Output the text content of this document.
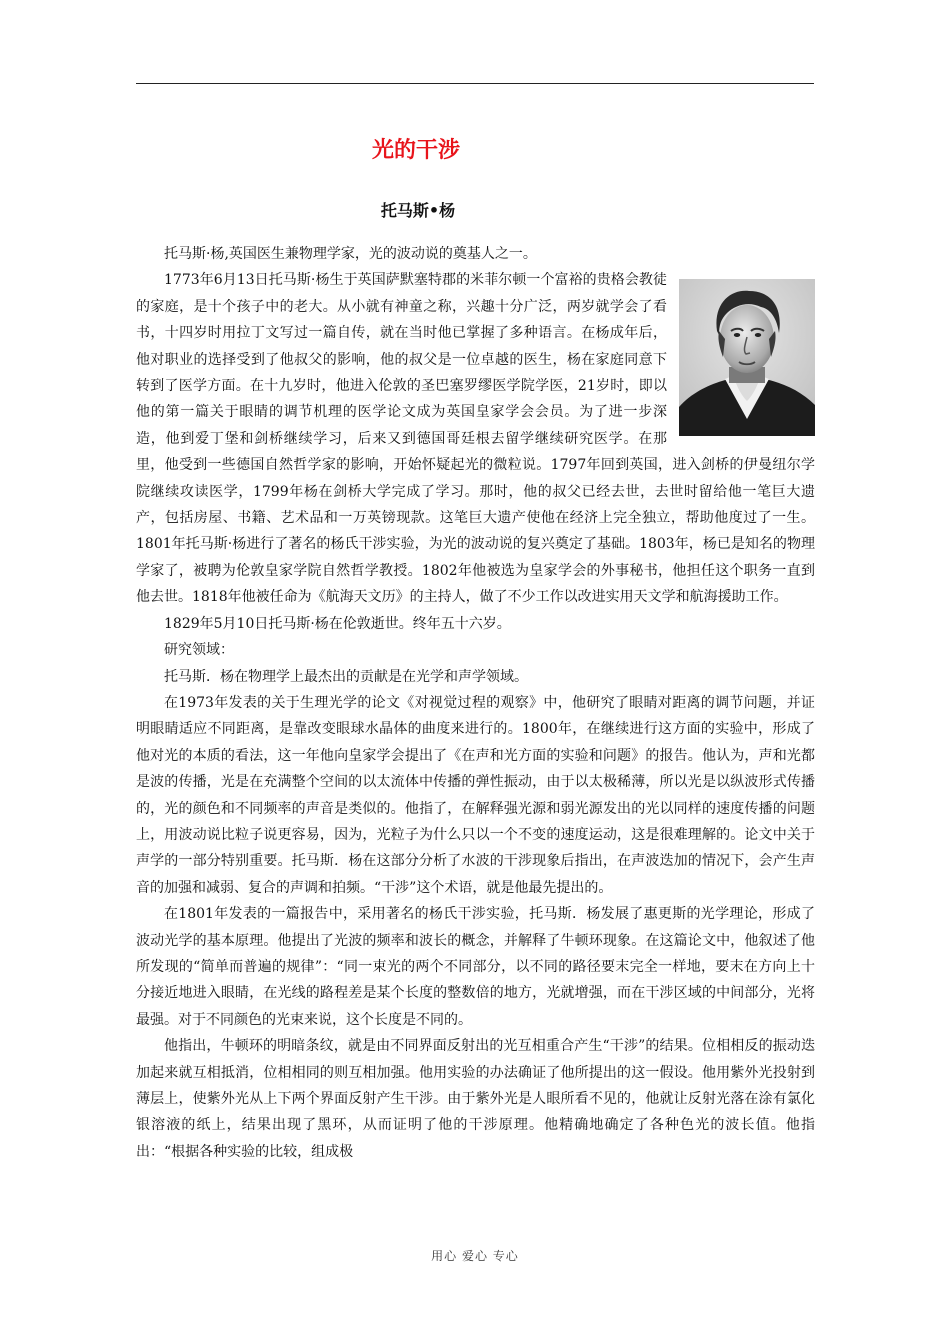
光的干涉
托马斯•杨

托马斯·杨,英国医生兼物理学家，光的波动说的奠基人之一。

1773年6月13日托马斯·杨生于英国萨默塞特郡的米菲尔顿一个富裕的贵格会教徒的家庭，是十个孩子中的老大。从小就有神童之称，兴趣十分广泛，两岁就学会了看书，十四岁时用拉丁文写过一篇自传，就在当时他已掌握了多种语言。在杨成年后，他对职业的选择受到了他叔父的影响，他的叔父是一位卓越的医生，杨在家庭同意下转到了医学方面。在十九岁时，他进入伦敦的圣巴塞罗缪医学院学医，21岁时，即以他的第一篇关于眼睛的调节机理的医学论文成为英国皇家学会会员。为了进一步深造，他到爱丁堡和剑桥继续学习，后来又到德国哥廷根去留学继续研究医学。在那里，他受到一些德国自然哲学家的影响，开始怀疑起光的微粒说。1797年回到英国，进入剑桥的伊曼纽尔学院继续攻读医学，1799年杨在剑桥大学完成了学习。那时，他的叔父已经去世，去世时留给他一笔巨大遗产，包括房屋、书籍、艺术品和一万英镑现款。这笔巨大遗产使他在经济上完全独立，帮助他度过了一生。1801年托马斯·杨进行了著名的杨氏干涉实验，为光的波动说的复兴奠定了基础。1803年，杨已是知名的物理学家了，被聘为伦敦皇家学院自然哲学教授。1802年他被选为皇家学会的外事秘书，他担任这个职务一直到他去世。1818年他被任命为《航海天文历》的主持人，做了不少工作以改进实用天文学和航海援助工作。

1829年5月10日托马斯·杨在伦敦逝世。终年五十六岁。

研究领域：

托马斯．杨在物理学上最杰出的贡献是在光学和声学领域。

在1973年发表的关于生理光学的论文《对视觉过程的观察》中，他研究了眼睛对距离的调节问题，并证明眼睛适应不同距离，是靠改变眼球水晶体的曲度来进行的。1800年，在继续进行这方面的实验中，形成了他对光的本质的看法，这一年他向皇家学会提出了《在声和光方面的实验和问题》的报告。他认为，声和光都是波的传播，光是在充满整个空间的以太流体中传播的弹性振动，由于以太极稀薄，所以光是以纵波形式传播的，光的颜色和不同频率的声音是类似的。他指了，在解释强光源和弱光源发出的光以同样的速度传播的问题上，用波动说比粒子说更容易，因为，光粒子为什么只以一个不变的速度运动，这是很难理解的。论文中关于声学的一部分特别重要。托马斯．杨在这部分分析了水波的干涉现象后指出，在声波迭加的情况下，会产生声音的加强和减弱、复合的声调和拍频。“干涉”这个术语，就是他最先提出的。

在1801年发表的一篇报告中，采用著名的杨氏干涉实验，托马斯．杨发展了惠更斯的光学理论，形成了波动光学的基本原理。他提出了光波的频率和波长的概念，并解释了牛顿环现象。在这篇论文中，他叙述了他所发现的“简单而普遍的规律”：“同一束光的两个不同部分，以不同的路径要末完全一样地，要末在方向上十分接近地进入眼睛，在光线的路程差是某个长度的整数倍的地方，光就增强，而在干涉区域的中间部分，光将最强。对于不同颜色的光束来说，这个长度是不同的。

他指出，牛顿环的明暗条纹，就是由不同界面反射出的光互相重合产生“干涉”的结果。位相相反的振动迭加起来就互相抵消，位相相同的则互相加强。他用实验的办法确证了他所提出的这一假设。他用紫外光投射到薄层上，使紫外光从上下两个界面反射产生干涉。由于紫外光是人眼所看不见的，他就让反射光落在涂有氯化银溶液的纸上，结果出现了黑环，从而证明了他的干涉原理。他精确地确定了各种色光的波长值。他指出：“根据各种实验的比较，组成极

用心 爱心 专心
